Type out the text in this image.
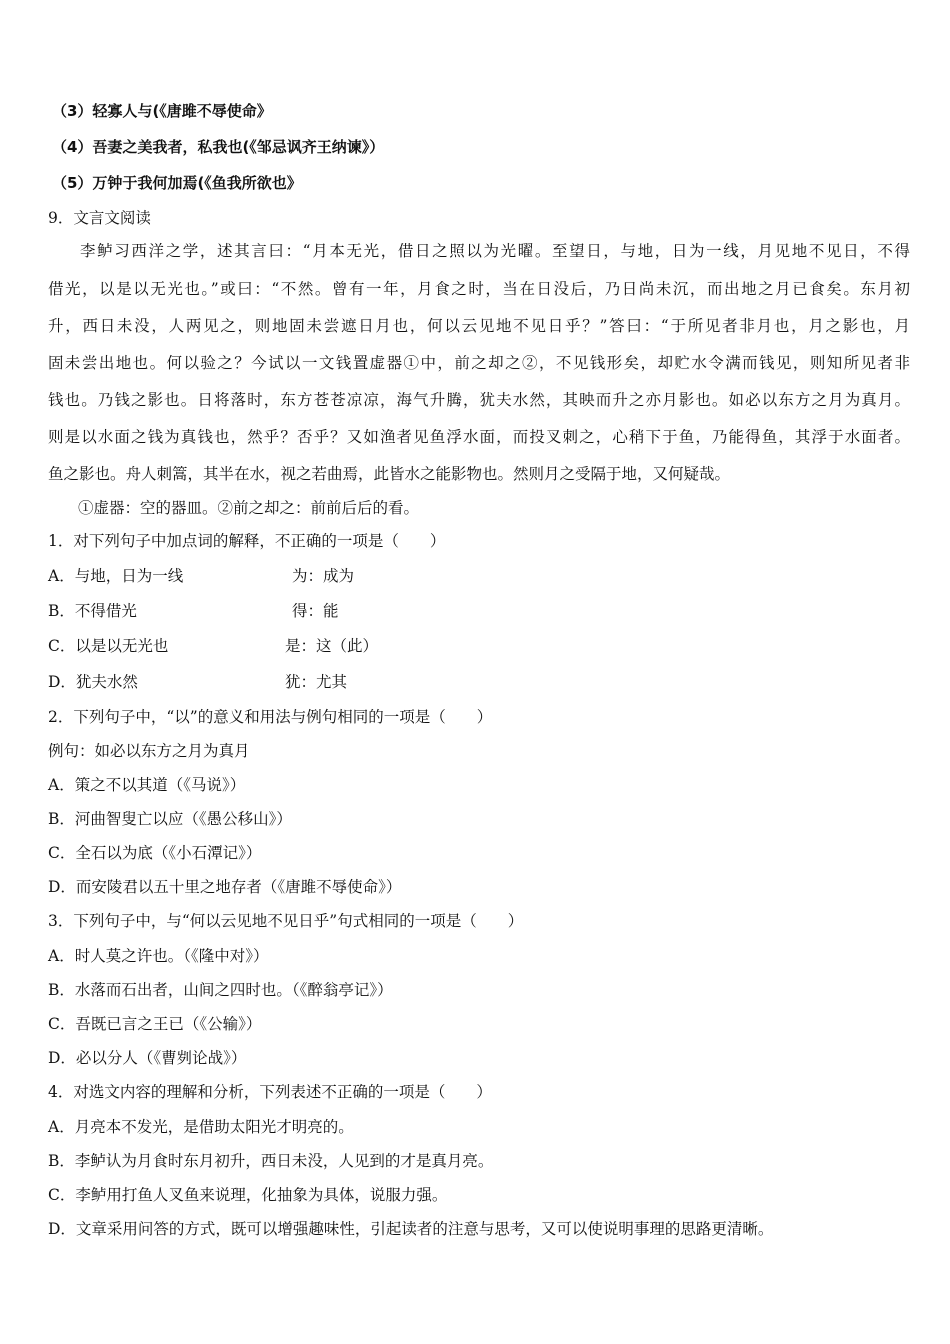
（3）轻寡人与(《唐雎不辱使命》
（4）吾妻之美我者，私我也(《邹忌讽齐王纳谏》）
（5）万钟于我何加焉(《鱼我所欲也》
9．文言文阅读
李鲈习西洋之学，述其言曰：“月本无光，借日之照以为光曜。至望日，与地，日为一线，月见地不见日，不得
借光，以是以无光也。”或曰：“不然。曾有一年，月食之时，当在日没后，乃日尚未沉，而出地之月已食矣。东月初
升，西日未没，人两见之，则地固未尝遮日月也，何以云见地不见日乎？”答曰：“于所见者非月也，月之影也，月
固未尝出地也。何以验之？今试以一文钱置虚器①中，前之却之②，不见钱形矣，却贮水令满而钱见，则知所见者非
钱也。乃钱之影也。日将落时，东方苍苍凉凉，海气升腾，犹夫水然，其映而升之亦月影也。如必以东方之月为真月。
则是以水面之钱为真钱也，然乎？否乎？又如渔者见鱼浮水面，而投叉刺之，心稍下于鱼，乃能得鱼，其浮于水面者。
鱼之影也。舟人刺篙，其半在水，视之若曲焉，此皆水之能影物也。然则月之受隔于地，又何疑哉。
①虚器：空的器皿。②前之却之：前前后后的看。
1．对下列句子中加点词的解释，不正确的一项是（　　）
A．与地，日为一线	为：成为
B．不得借光	得：能
C．以是以无光也	是：这（此）
D．犹夫水然	犹：尤其
2．下列句子中，“以”的意义和用法与例句相同的一项是（　　）
例句：如必以东方之月为真月
A．策之不以其道（《马说》）
B．河曲智叟亡以应（《愚公移山》）
C．全石以为底（《小石潭记》）
D．而安陵君以五十里之地存者（《唐雎不辱使命》）
3．下列句子中，与“何以云见地不见日乎”句式相同的一项是（　　）
A．时人莫之许也。（《隆中对》）
B．水落而石出者，山间之四时也。（《醉翁亭记》）
C．吾既已言之王已（《公输》）
D．必以分人（《曹刿论战》）
4．对选文内容的理解和分析，下列表述不正确的一项是（　　）
A．月亮本不发光，是借助太阳光才明亮的。
B．李鲈认为月食时东月初升，西日未没，人见到的才是真月亮。
C．李鲈用打鱼人叉鱼来说理，化抽象为具体，说服力强。
D．文章采用问答的方式，既可以增强趣味性，引起读者的注意与思考，又可以使说明事理的思路更清晰。
